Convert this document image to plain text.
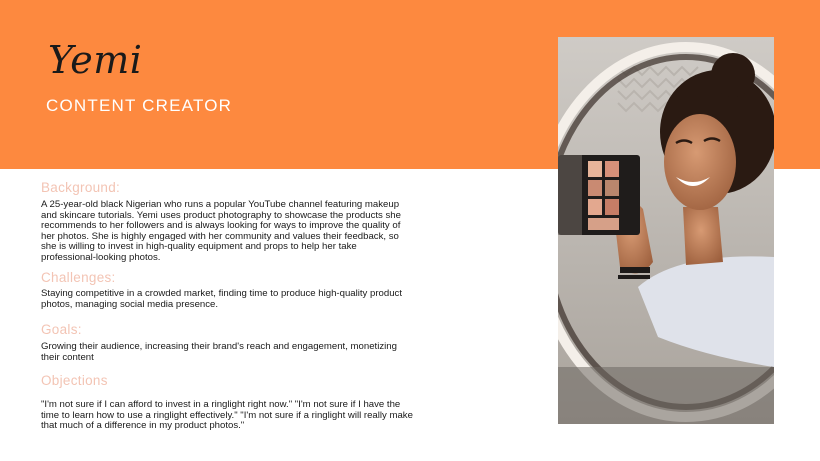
Yemi
CONTENT CREATOR
Background:
A 25-year-old black Nigerian who runs a popular YouTube channel featuring makeup and skincare tutorials. Yemi uses product photography to showcase the products she recommends to her followers and is always looking for ways to improve the quality of her photos. She is highly engaged with her community and values their feedback, so she is willing to invest in high-quality equipment and props to help her take professional-looking photos.
Challenges:
Staying competitive in a crowded market, finding time to produce high-quality product photos, managing social media presence.
Goals:
Growing their audience, increasing their brand's reach and engagement, monetizing their content
Objections
"I'm not sure if I can afford to invest in a ringlight right now." "I'm not sure if I have the time to learn how to use a ringlight effectively." "I'm not sure if a ringlight will really make that much of a difference in my product photos."
